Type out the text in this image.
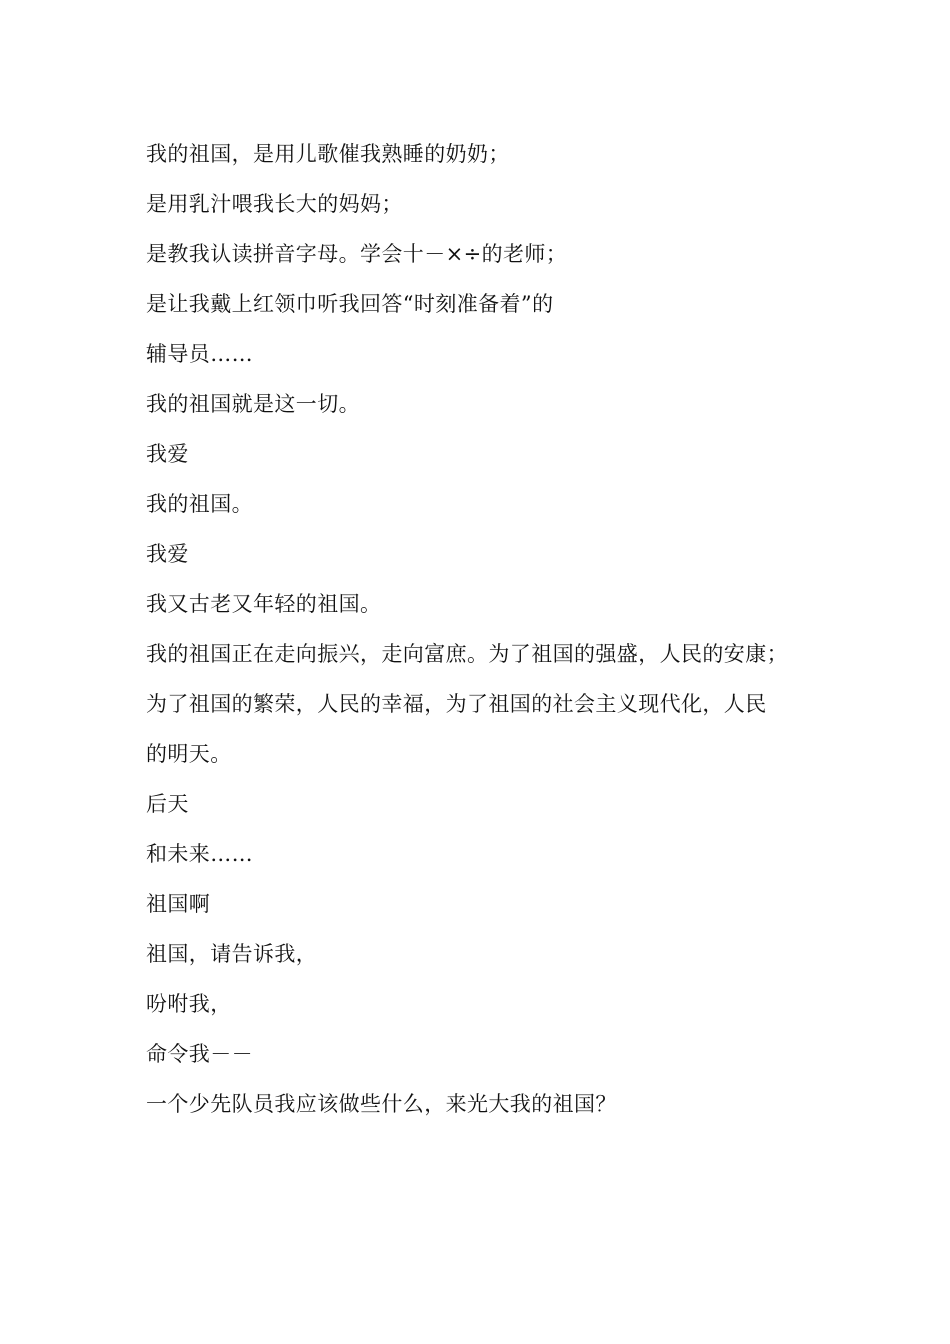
我的祖国，是用儿歌催我熟睡的奶奶；
是用乳汁喂我长大的妈妈；
是教我认读拼音字母。学会十－×÷的老师；
是让我戴上红领巾听我回答“时刻准备着”的
辅导员……
我的祖国就是这一切。
我爱
我的祖国。
我爱
我又古老又年轻的祖国。
我的祖国正在走向振兴，走向富庶。为了祖国的强盛，人民的安康；
为了祖国的繁荣，人民的幸福，为了祖国的社会主义现代化，人民
的明天。
后天
和未来……
祖国啊
祖国，请告诉我，
吩咐我，
命令我－－
一个少先队员我应该做些什么，来光大我的祖国？
